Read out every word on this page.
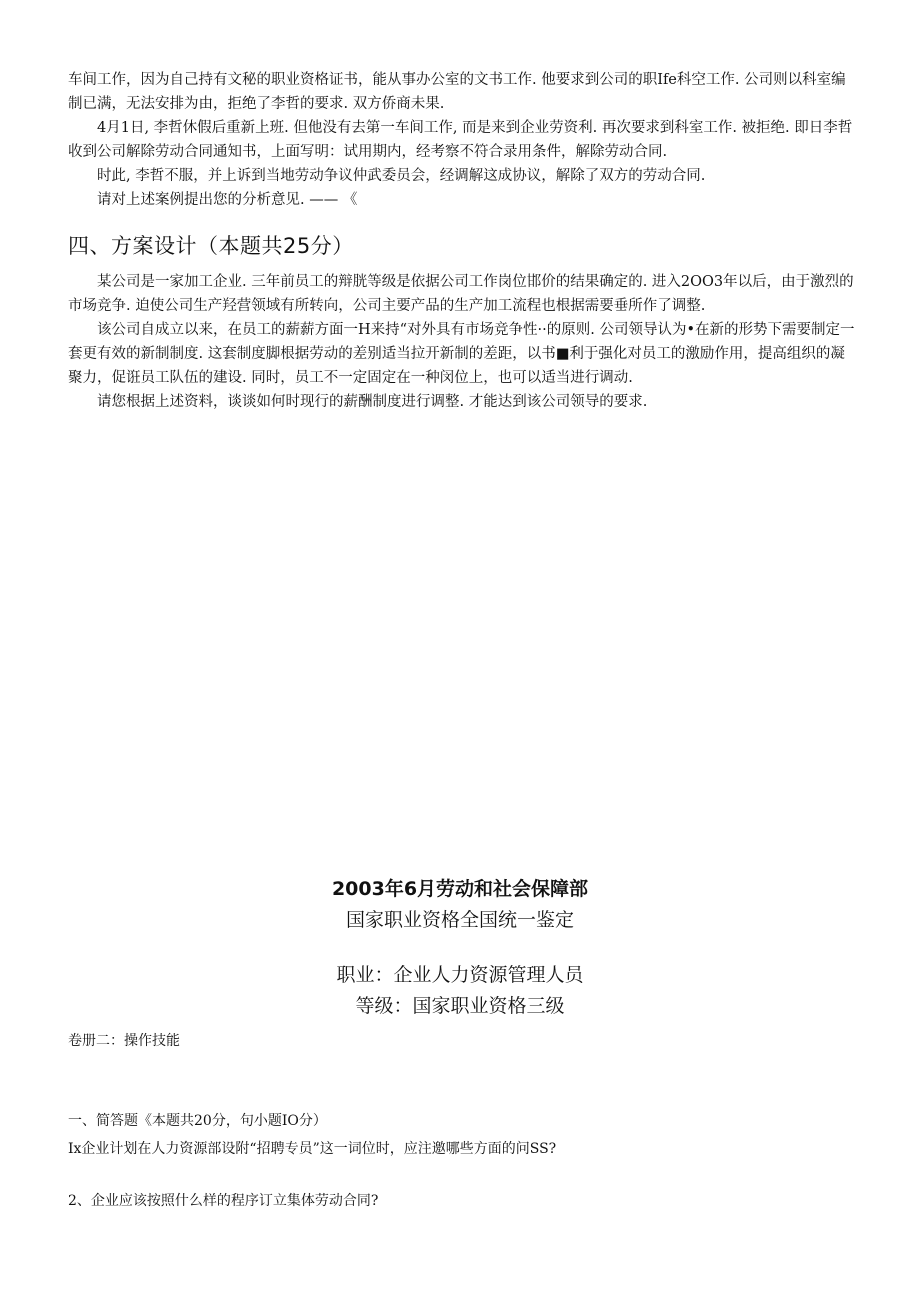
车间工作，因为自己持有文秘的职业资格证书，能从事办公室的文书工作. 他要求到公司的职Ife科空工作. 公司则以科室编制已满，无法安排为由，拒绝了李哲的要求. 双方侨商未果.

4月1日, 李哲休假后重新上班. 但他没有去第一车间工作, 而是来到企业劳资利. 再次要求到科室工作. 被拒绝. 即日李哲收到公司解除劳动合同通知书，上面写明：试用期内，经考察不符合录用条件，解除劳动合同.

时此, 李哲不服，并上诉到当地劳动争议仲武委员会，经调解这成协议，解除了双方的劳动合同.

请对上述案例提出您的分析意见. —— 《

四、方案设计（本题共25分）

某公司是一家加工企业. 三年前员工的辩胱等级是依据公司工作岗位邯价的结果确定的. 进入2OO3年以后，由于激烈的市场竞争. 迫使公司生产羟营领域有所转向，公司主要产品的生产加工流程也根据需要垂所作了调整.

该公司自成立以来，在员工的薪薪方面一H来持“对外具有市场竞争性··的原则. 公司领导认为•在新的形势下需要制定一套更有效的新制制度. 这套制度脚根据劳动的差别适当拉开新制的差距，以书■利于强化对员工的激励作用，提高组织的凝聚力，促诳员工队伍的建设. 同时，员工不一定固定在一种闵位上，也可以适当进行调动.

请您根据上述资料，谈谈如何时现行的薪酬制度进行调整. 才能达到该公司领导的要求.

2003年6月劳动和社会保障部
国家职业资格全国统一鉴定
职业：企业人力资源管理人员
等级：国家职业资格三级
卷册二：操作技能
一、简答题《本题共20分，句小题IO分）
Ix企业计划在人力资源部设附“招聘专员”这一词位时，应注邀哪些方面的问SS?
2、企业应该按照什么样的程序订立集体劳动合同?
